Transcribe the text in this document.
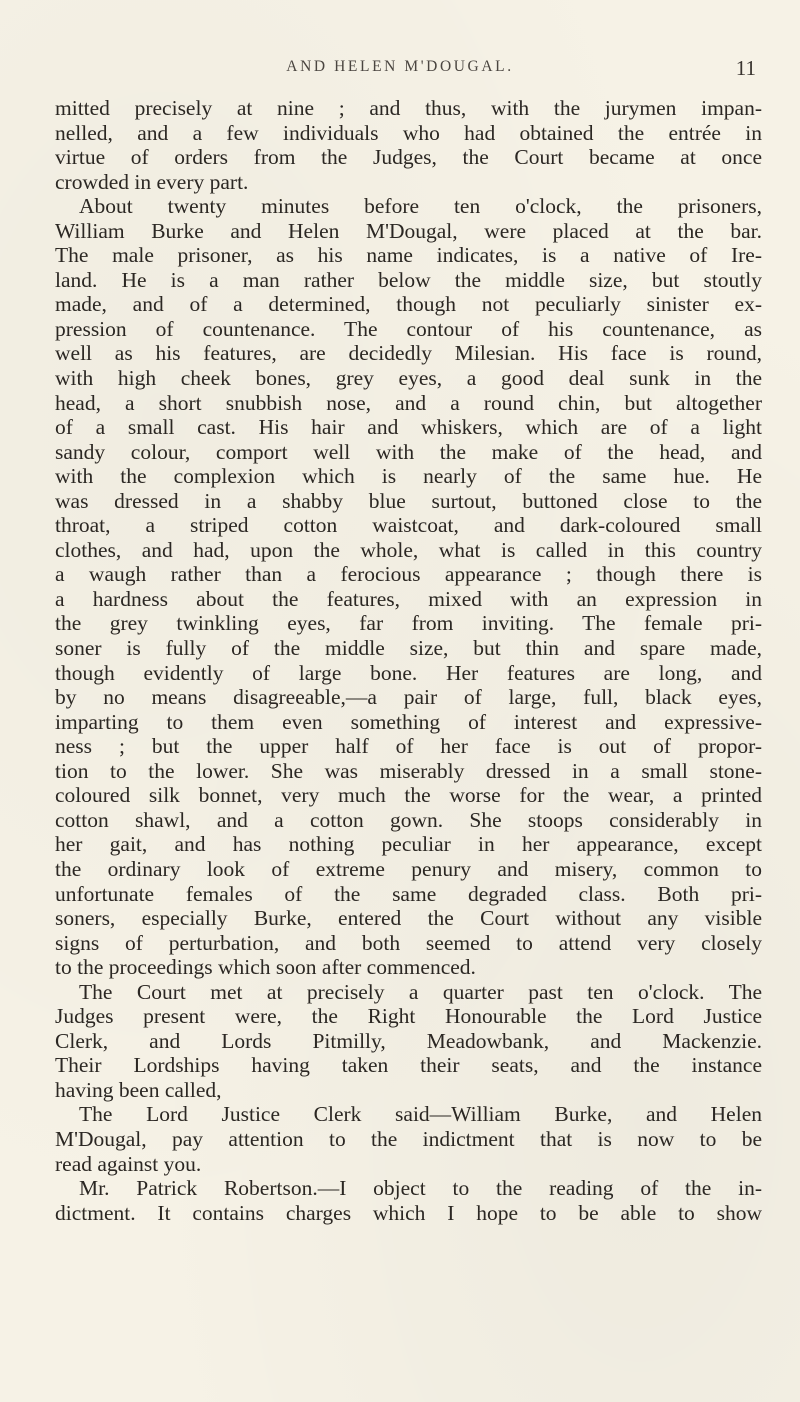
AND HELEN M'DOUGAL.	11
mitted precisely at nine ; and thus, with the jurymen impan-
nelled, and a few individuals who had obtained the entrée in
virtue of orders from the Judges, the Court became at once
crowded in every part.
About twenty minutes before ten o'clock, the prisoners,
William Burke and Helen M'Dougal, were placed at the bar.
The male prisoner, as his name indicates, is a native of Ire-
land. He is a man rather below the middle size, but stoutly
made, and of a determined, though not peculiarly sinister ex-
pression of countenance. The contour of his countenance, as
well as his features, are decidedly Milesian. His face is round,
with high cheek bones, grey eyes, a good deal sunk in the
head, a short snubbish nose, and a round chin, but altogether
of a small cast. His hair and whiskers, which are of a light
sandy colour, comport well with the make of the head, and
with the complexion which is nearly of the same hue. He
was dressed in a shabby blue surtout, buttoned close to the
throat, a striped cotton waistcoat, and dark-coloured small
clothes, and had, upon the whole, what is called in this country
a waugh rather than a ferocious appearance ; though there is
a hardness about the features, mixed with an expression in
the grey twinkling eyes, far from inviting. The female pri-
soner is fully of the middle size, but thin and spare made,
though evidently of large bone. Her features are long, and
by no means disagreeable,—a pair of large, full, black eyes,
imparting to them even something of interest and expressive-
ness ; but the upper half of her face is out of propor-
tion to the lower. She was miserably dressed in a small stone-
coloured silk bonnet, very much the worse for the wear, a printed
cotton shawl, and a cotton gown. She stoops considerably in
her gait, and has nothing peculiar in her appearance, except
the ordinary look of extreme penury and misery, common to
unfortunate females of the same degraded class. Both pri-
soners, especially Burke, entered the Court without any visible
signs of perturbation, and both seemed to attend very closely
to the proceedings which soon after commenced.
The Court met at precisely a quarter past ten o'clock. The
Judges present were, the Right Honourable the Lord Justice
Clerk, and Lords Pitmilly, Meadowbank, and Mackenzie.
Their Lordships having taken their seats, and the instance
having been called,
The Lord Justice Clerk said—William Burke, and Helen
M'Dougal, pay attention to the indictment that is now to be
read against you.
Mr. Patrick Robertson.—I object to the reading of the in-
dictment. It contains charges which I hope to be able to show
